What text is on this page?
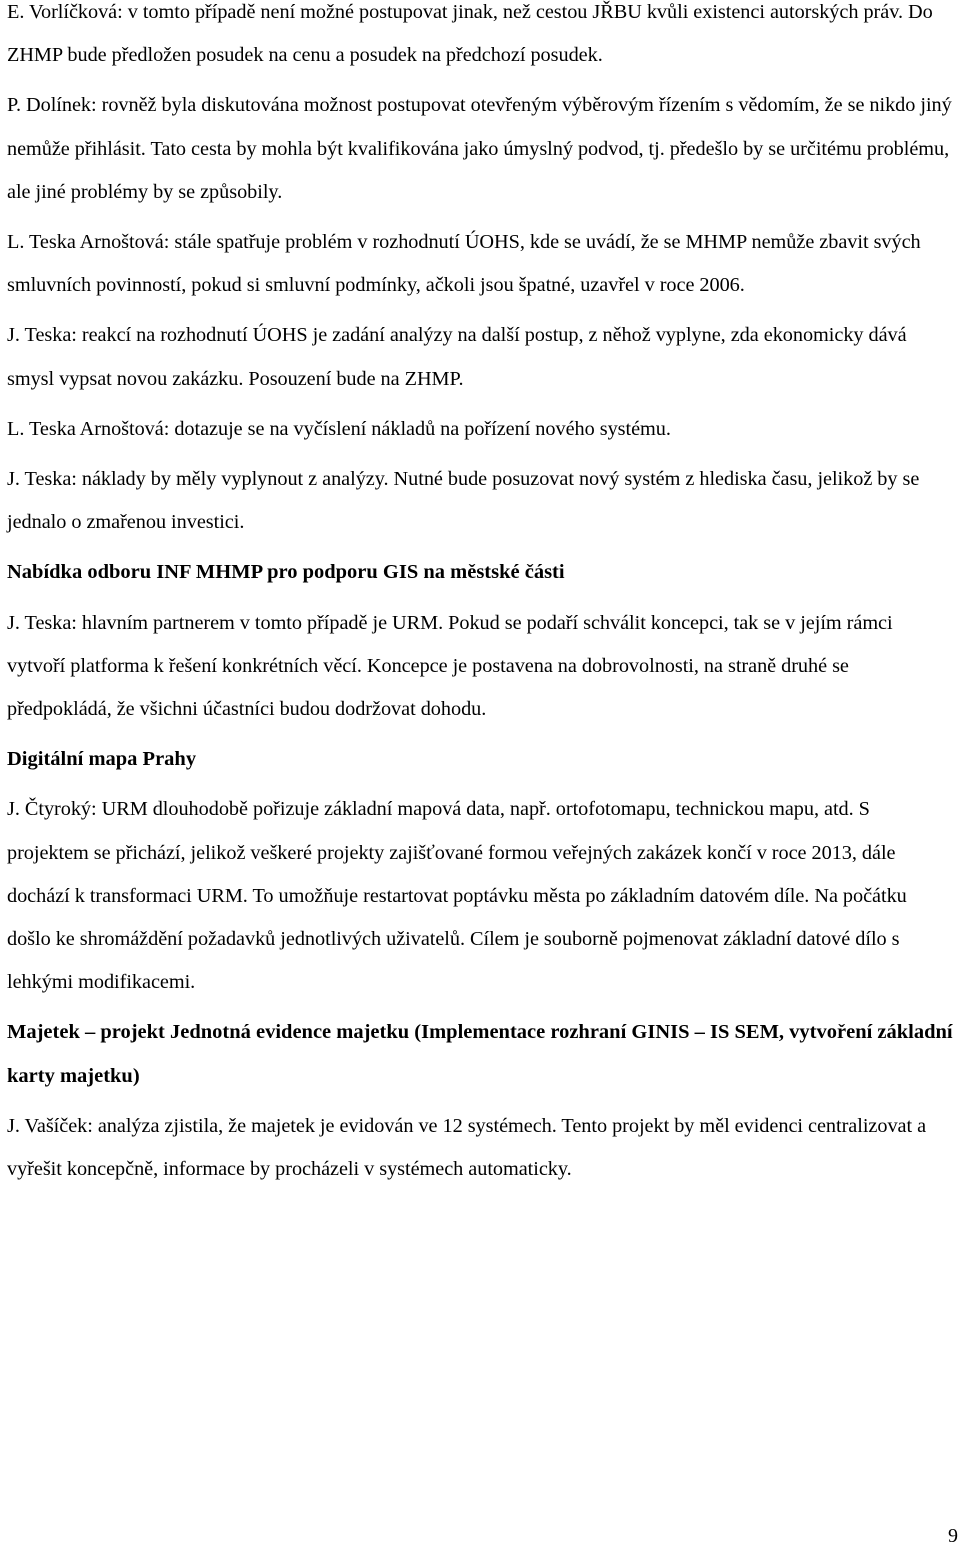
E. Vorlíčková: v tomto případě není možné postupovat jinak, než cestou JŘBU kvůli existenci autorských práv. Do ZHMP bude předložen posudek na cenu a posudek na předchozí posudek.

P. Dolínek: rovněž byla diskutována možnost postupovat otevřeným výběrovým řízením s vědomím, že se nikdo jiný nemůže přihlásit. Tato cesta by mohla být kvalifikována jako úmyslný podvod, tj. předešlo by se určitému problému, ale jiné problémy by se způsobily.

L. Teska Arnoštová: stále spatřuje problém v rozhodnutí ÚOHS, kde se uvádí, že se MHMP nemůže zbavit svých smluvních povinností, pokud si smluvní podmínky, ačkoli jsou špatné, uzavřel v roce 2006.

J. Teska: reakcí na rozhodnutí ÚOHS je zadání analýzy na další postup, z něhož vyplyne, zda ekonomicky dává smysl vypsat novou zakázku. Posouzení bude na ZHMP.

L. Teska Arnoštová: dotazuje se na vyčíslení nákladů na pořízení nového systému.

J. Teska: náklady by měly vyplynout z analýzy. Nutné bude posuzovat nový systém z hlediska času, jelikož by se jednalo o zmařenou investici.

Nabídka odboru INF MHMP pro podporu GIS na městské části

J. Teska: hlavním partnerem v tomto případě je URM. Pokud se podaří schválit koncepci, tak se v jejím rámci vytvoří platforma k řešení konkrétních věcí. Koncepce je postavena na dobrovolnosti, na straně druhé se předpokládá, že všichni účastníci budou dodržovat dohodu.

Digitální mapa Prahy

J. Čtyroký: URM dlouhodobě pořizuje základní mapová data, např. ortofotomapu, technickou mapu, atd. S projektem se přichází, jelikož veškeré projekty zajišťované formou veřejných zakázek končí v roce 2013, dále dochází k transformaci URM. To umožňuje restartovat poptávku města po základním datovém díle. Na počátku došlo ke shromáždění požadavků jednotlivých uživatelů. Cílem je souborně pojmenovat základní datové dílo s lehkými modifikacemi.

Majetek – projekt Jednotná evidence majetku (Implementace rozhraní GINIS – IS SEM, vytvoření základní karty majetku)

J. Vašíček: analýza zjistila, že majetek je evidován ve 12 systémech. Tento projekt by měl evidenci centralizovat a vyřešit koncepčně, informace by procházeli v systémech automaticky.

9
